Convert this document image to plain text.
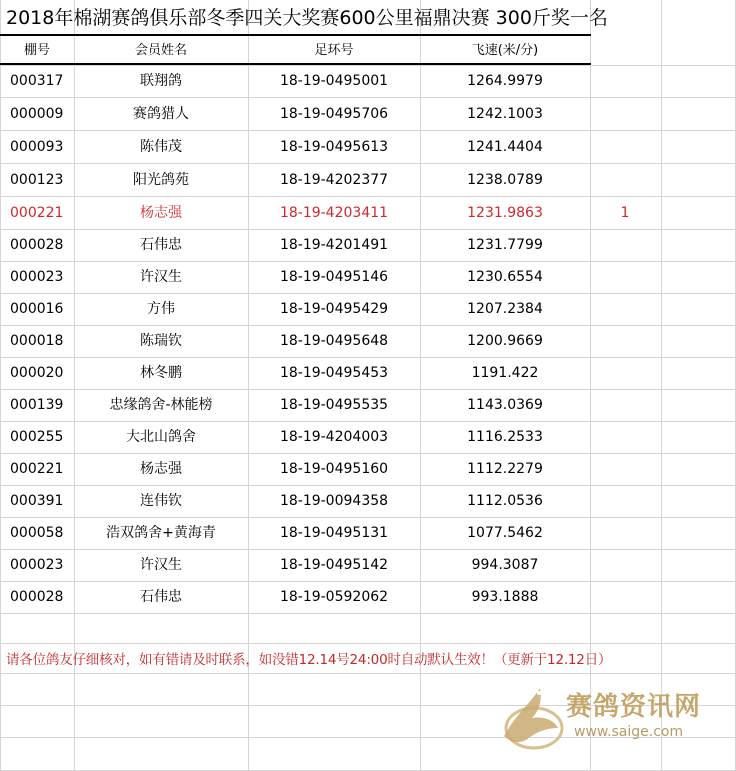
2018年棉湖赛鸽俱乐部冬季四关大奖赛600公里福鼎决赛 300斤奖一名
棚号	会员姓名	足环号	飞速(米/分)
000317	联翔鸽	18-19-0495001	1264.9979
000009	赛鸽猎人	18-19-0495706	1242.1003
000093	陈伟茂	18-19-0495613	1241.4404
000123	阳光鸽苑	18-19-4202377	1238.0789
000221	杨志强	18-19-4203411	1231.9863	1
000028	石伟忠	18-19-4201491	1231.7799
000023	许汉生	18-19-0495146	1230.6554
000016	方伟	18-19-0495429	1207.2384
000018	陈瑞钦	18-19-0495648	1200.9669
000020	林冬鹏	18-19-0495453	1191.422
000139	忠缘鸽舍-林能榜	18-19-0495535	1143.0369
000255	大北山鸽舍	18-19-4204003	1116.2533
000221	杨志强	18-19-0495160	1112.2279
000391	连伟钦	18-19-0094358	1112.0536
000058	浩双鸽舍+黄海青	18-19-0495131	1077.5462
000023	许汉生	18-19-0495142	994.3087
000028	石伟忠	18-19-0592062	993.1888
请各位鸽友仔细核对，如有错请及时联系，如没错12.14号24:00时自动默认生效！（更新于12.12日）
赛鸽资讯网
www.saige.com
